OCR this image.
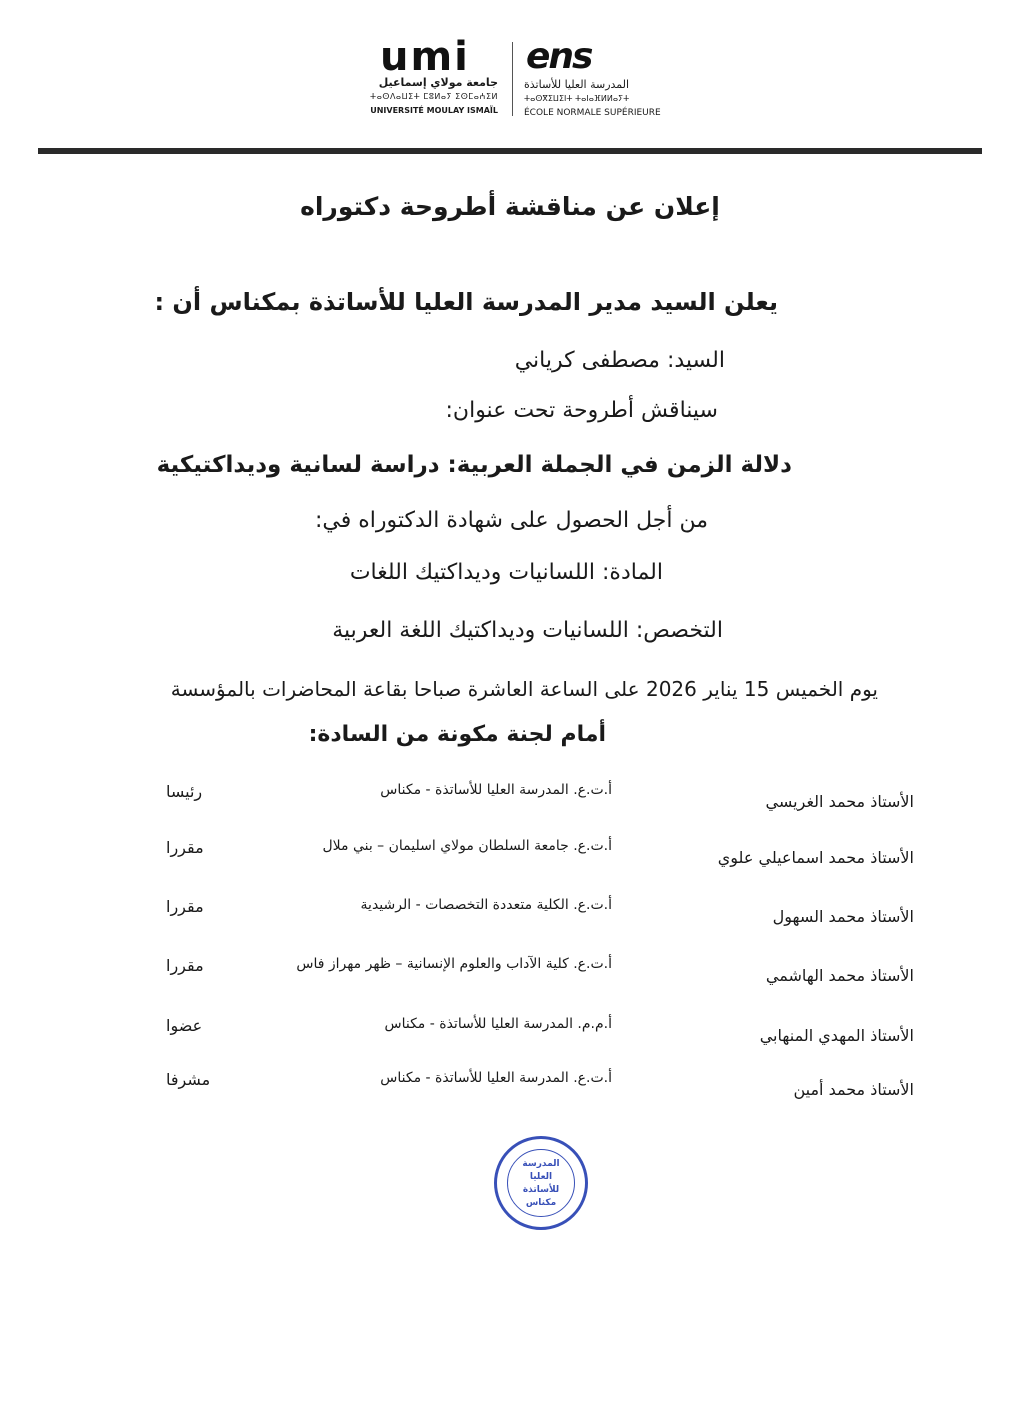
umi
جامعة مولاي إسماعيل
ⵜⴰⵙⴷⴰⵡⵉⵜ ⵎⵓⵍⴰⵢ ⵉⵙⵎⴰⵄⵉⵍ
UNIVERSITÉ MOULAY ISMAÏL
ens
المدرسة العليا للأساتذة
ⵜⴰⵙⴳⵉⵡⵉⵏⵜ ⵜⴰⵏⴰⴼⵍⵍⴰⵢⵜ
ÉCOLE NORMALE SUPÉRIEURE
إعلان عن مناقشة أطروحة دكتوراه
يعلن السيد مدير المدرسة العليا للأساتذة بمكناس أن :
السيد: مصطفى كرياني
سيناقش أطروحة تحت عنوان:
دلالة الزمن في الجملة العربية: دراسة لسانية وديداكتيكية
من أجل الحصول على شهادة الدكتوراه في:
المادة: اللسانيات وديداكتيك اللغات
التخصص: اللسانيات وديداكتيك اللغة العربية
يوم الخميس 15 يناير 2026 على الساعة العاشرة صباحا بقاعة المحاضرات بالمؤسسة
أمام لجنة مكونة من السادة:
الأستاذ محمد الغريسي
أ.ت.ع. المدرسة العليا للأساتذة - مكناس
رئيسا
الأستاذ محمد اسماعيلي علوي
أ.ت.ع. جامعة السلطان مولاي اسليمان – بني ملال
مقررا
الأستاذ محمد السهول
أ.ت.ع. الكلية متعددة التخصصات - الرشيدية
مقررا
الأستاذ محمد الهاشمي
أ.ت.ع. كلية الآداب والعلوم الإنسانية – ظهر مهراز فاس
مقررا
الأستاذ المهدي المنهابي
أ.م.م. المدرسة العليا للأساتذة - مكناس
عضوا
الأستاذ محمد أمين
أ.ت.ع. المدرسة العليا للأساتذة - مكناس
مشرفا
المدرسة
العليا
للأساتذة
مكناس
